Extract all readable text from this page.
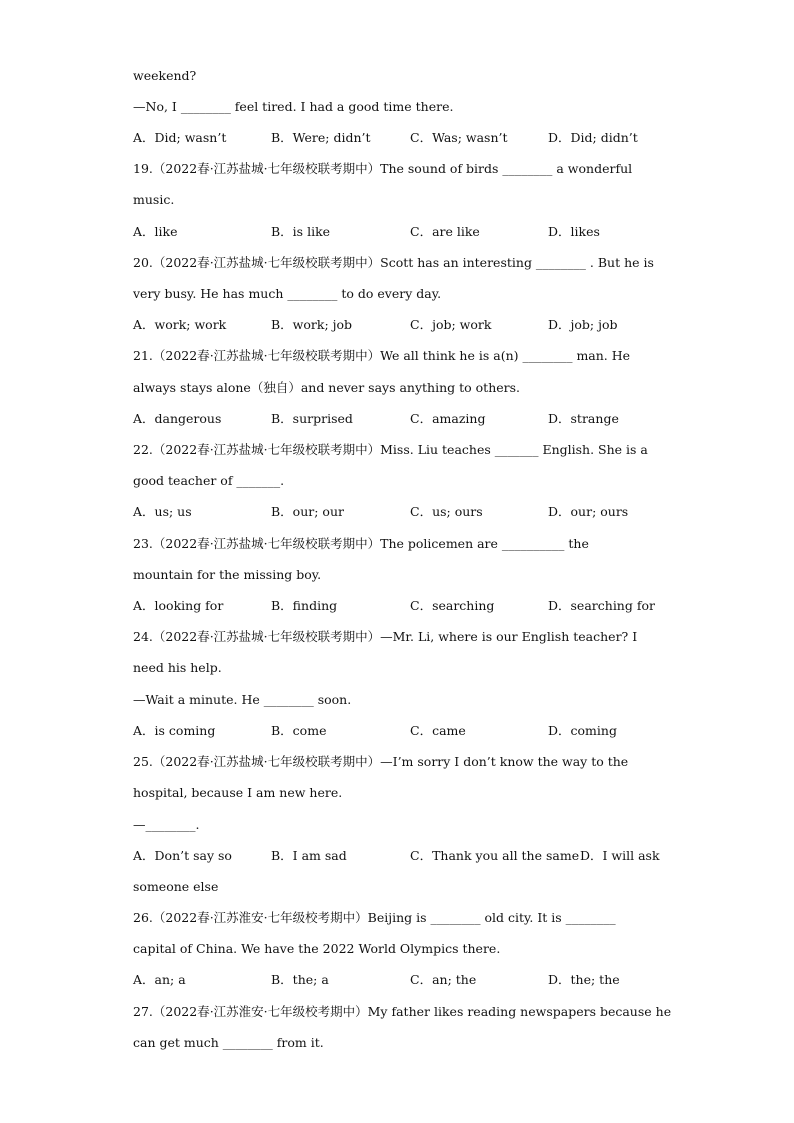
weekend?
—No, I ________ feel tired. I had a good time there.
A．Did; wasn’t	B．Were; didn’t	C．Was; wasn’t	D．Did; didn’t
19.（2022春·江苏盐城·七年级校联考期中）The sound of birds ________ a wonderful
music.
A．like	B．is like	C．are like	D．likes
20.（2022春·江苏盐城·七年级校联考期中）Scott has an interesting ________ . But he is
very busy. He has much ________ to do every day.
A．work; work	B．work; job	C．job; work	D．job; job
21.（2022春·江苏盐城·七年级校联考期中）We all think he is a(n) ________ man. He
always stays alone（独自）and never says anything to others.
A．dangerous	B．surprised	C．amazing	D．strange
22.（2022春·江苏盐城·七年级校联考期中）Miss. Liu teaches _______ English. She is a
good teacher of _______.
A．us; us	B．our; our	C．us; ours	D．our; ours
23.（2022春·江苏盐城·七年级校联考期中）The policemen are __________ the
mountain for the missing boy.
A．looking for	B．finding	C．searching	D．searching for
24.（2022春·江苏盐城·七年级校联考期中）—Mr. Li, where is our English teacher? I
need his help.
—Wait a minute. He ________ soon.
A．is coming	B．come	C．came	D．coming
25.（2022春·江苏盐城·七年级校联考期中）—I’m sorry I don’t know the way to the
hospital, because I am new here.
—________.
A．Don’t say so	B．I am sad	C．Thank you all the same D．I will ask
someone else
26.（2022春·江苏淮安·七年级校考期中）Beijing is ________ old city. It is ________
capital of China. We have the 2022 World Olympics there.
A．an; a	B．the; a	C．an; the	D．the; the
27.（2022春·江苏淮安·七年级校考期中）My father likes reading newspapers because he
can get much ________ from it.
